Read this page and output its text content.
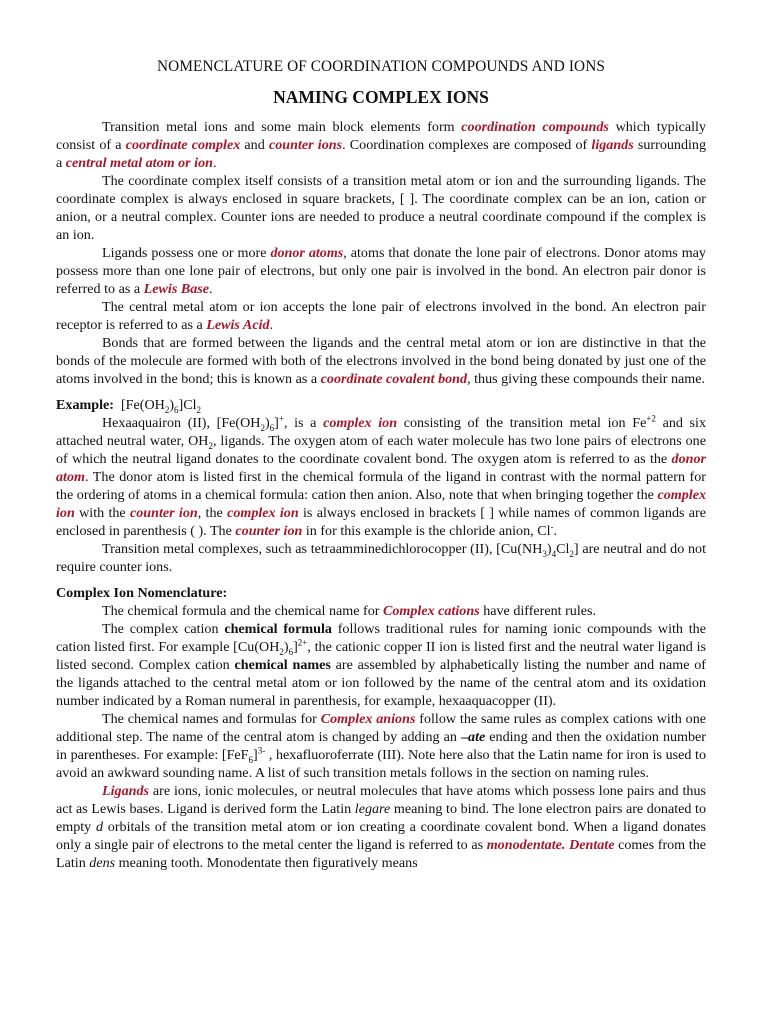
NOMENCLATURE OF COORDINATION COMPOUNDS AND IONS
NAMING COMPLEX IONS

Transition metal ions and some main block elements form coordination compounds which typically consist of a coordinate complex and counter ions. Coordination complexes are composed of ligands surrounding a central metal atom or ion.

The coordinate complex itself consists of a transition metal atom or ion and the surrounding ligands. The coordinate complex is always enclosed in square brackets, [ ]. The coordinate complex can be an ion, cation or anion, or a neutral complex. Counter ions are needed to produce a neutral coordinate compound if the complex is an ion.

Ligands possess one or more donor atoms, atoms that donate the lone pair of electrons. Donor atoms may possess more than one lone pair of electrons, but only one pair is involved in the bond. An electron pair donor is referred to as a Lewis Base.

The central metal atom or ion accepts the lone pair of electrons involved in the bond. An electron pair receptor is referred to as a Lewis Acid.

Bonds that are formed between the ligands and the central metal atom or ion are distinctive in that the bonds of the molecule are formed with both of the electrons involved in the bond being donated by just one of the atoms involved in the bond; this is known as a coordinate covalent bond, thus giving these compounds their name.

Example: $[Fe(OH_2)_6]Cl_2$

Hexaaquairon (II), $[Fe(OH_2)_6]^+$, is a complex ion consisting of the transition metal ion $Fe^{+2}$ and six attached neutral water, $OH_2$, ligands. The oxygen atom of each water molecule has two lone pairs of electrons one of which the neutral ligand donates to the coordinate covalent bond. The oxygen atom is referred to as the donor atom. The donor atom is listed first in the chemical formula of the ligand in contrast with the normal pattern for the ordering of atoms in a chemical formula: cation then anion. Also, note that when bringing together the complex ion with the counter ion, the complex ion is always enclosed in brackets [ ] while names of common ligands are enclosed in parenthesis ( ). The counter ion in for this example is the chloride anion, Cl-.

Transition metal complexes, such as tetraamminedichlorocopper (II), $[Cu(NH_3)_4Cl_2]$ are neutral and do not require counter ions.

Complex Ion Nomenclature:

The chemical formula and the chemical name for Complex cations have different rules.

The complex cation chemical formula follows traditional rules for naming ionic compounds with the cation listed first. For example $[Cu(OH_2)_6]^{2+}$, the cationic copper II ion is listed first and the neutral water ligand is listed second. Complex cation chemical names are assembled by alphabetically listing the number and name of the ligands attached to the central metal atom or ion followed by the name of the central atom and its oxidation number indicated by a Roman numeral in parenthesis, for example, hexaaquacopper (II).

The chemical names and formulas for Complex anions follow the same rules as complex cations with one additional step. The name of the central atom is changed by adding an –ate ending and then the oxidation number in parentheses. For example: $[FeF_6]^{3-}$ , hexafluoroferrate (III). Note here also that the Latin name for iron is used to avoid an awkward sounding name. A list of such transition metals follows in the section on naming rules.

Ligands are ions, ionic molecules, or neutral molecules that have atoms which possess lone pairs and thus act as Lewis bases. Ligand is derived form the Latin legare meaning to bind. The lone electron pairs are donated to empty d orbitals of the transition metal atom or ion creating a coordinate covalent bond. When a ligand donates only a single pair of electrons to the metal center the ligand is referred to as monodentate. Dentate comes from the Latin dens meaning tooth. Monodentate then figuratively means
